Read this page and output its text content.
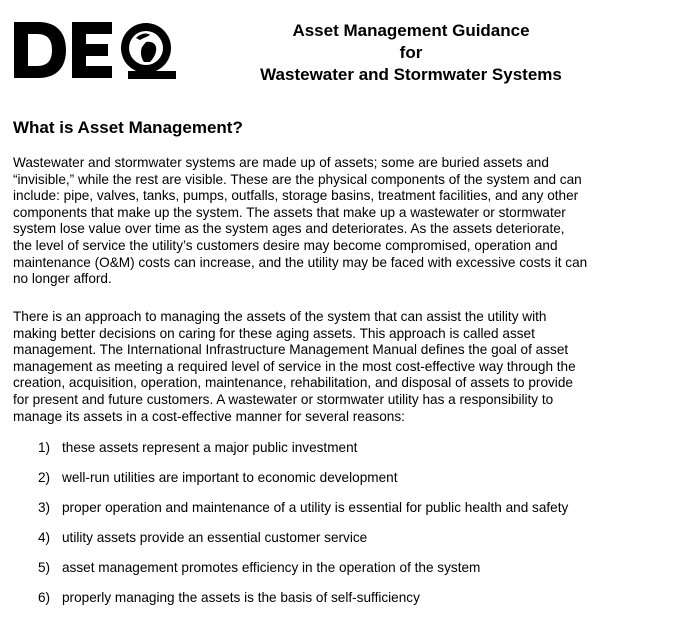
Asset Management Guidance
for
Wastewater and Stormwater Systems
What is Asset Management?
Wastewater and stormwater systems are made up of assets; some are buried assets and
“invisible,” while the rest are visible. These are the physical components of the system and can
include: pipe, valves, tanks, pumps, outfalls, storage basins, treatment facilities, and any other
components that make up the system. The assets that make up a wastewater or stormwater
system lose value over time as the system ages and deteriorates. As the assets deteriorate,
the level of service the utility’s customers desire may become compromised, operation and
maintenance (O&M) costs can increase, and the utility may be faced with excessive costs it can
no longer afford.
There is an approach to managing the assets of the system that can assist the utility with
making better decisions on caring for these aging assets. This approach is called asset
management. The International Infrastructure Management Manual defines the goal of asset
management as meeting a required level of service in the most cost-effective way through the
creation, acquisition, operation, maintenance, rehabilitation, and disposal of assets to provide
for present and future customers. A wastewater or stormwater utility has a responsibility to
manage its assets in a cost-effective manner for several reasons:
1) these assets represent a major public investment
2) well-run utilities are important to economic development
3) proper operation and maintenance of a utility is essential for public health and safety
4) utility assets provide an essential customer service
5) asset management promotes efficiency in the operation of the system
6) properly managing the assets is the basis of self-sufficiency
